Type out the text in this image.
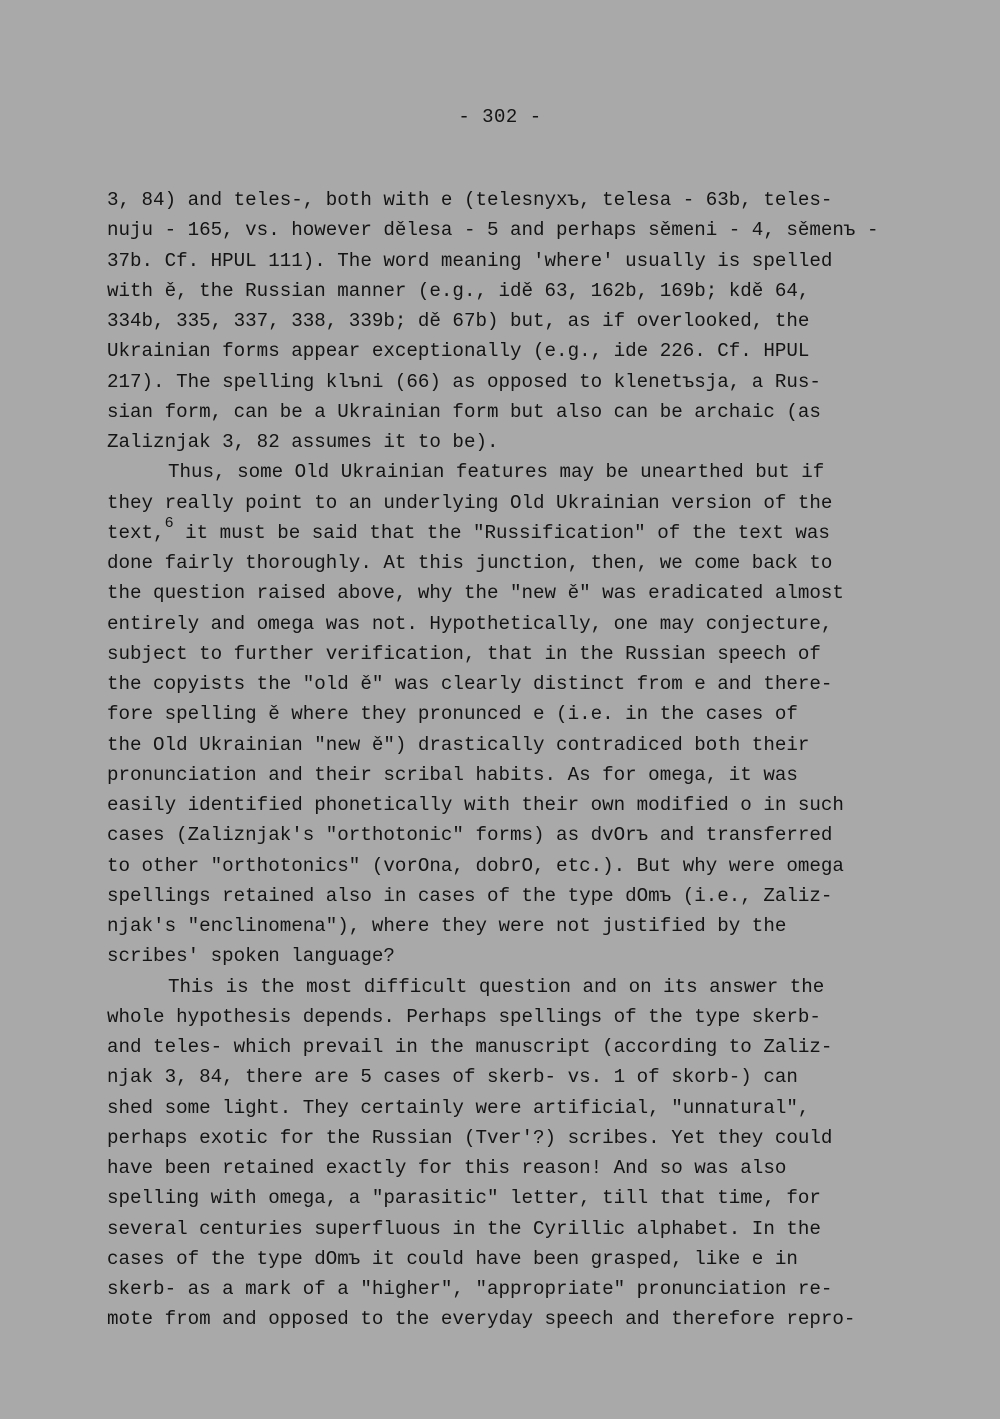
- 302 -
3, 84) and teles-, both with e (telesnyxъ, telesa - 63b, teles-
nuju - 165, vs. however dělesa - 5 and perhaps sěmeni - 4, sěmenъ -
37b. Cf. HPUL 111). The word meaning 'where' usually is spelled
with ě, the Russian manner (e.g., idě 63, 162b, 169b; kdě 64,
334b, 335, 337, 338, 339b; dě 67b) but, as if overlooked, the
Ukrainian forms appear exceptionally (e.g., ide 226. Cf. HPUL
217). The spelling klъni (66) as opposed to klenetъsja, a Rus-
sian form, can be a Ukrainian form but also can be archaic (as
Zaliznjak 3, 82 assumes it to be).
Thus, some Old Ukrainian features may be unearthed but if
they really point to an underlying Old Ukrainian version of the
text,$^6$ it must be said that the "Russification" of the text was
done fairly thoroughly. At this junction, then, we come back to
the question raised above, why the "new ě" was eradicated almost
entirely and omega was not. Hypothetically, one may conjecture,
subject to further verification, that in the Russian speech of
the copyists the "old ě" was clearly distinct from e and there-
fore spelling ě where they pronunced e (i.e. in the cases of
the Old Ukrainian "new ě") drastically contradiced both their
pronunciation and their scribal habits. As for omega, it was
easily identified phonetically with their own modified o in such
cases (Zaliznjak's "orthotonic" forms) as dvOrъ and transferred
to other "orthotonics" (vorOna, dobrO, etc.). But why were omega
spellings retained also in cases of the type dOmъ (i.e., Zaliz-
njak's "enclinomena"), where they were not justified by the
scribes' spoken language?
This is the most difficult question and on its answer the
whole hypothesis depends. Perhaps spellings of the type skerb-
and teles- which prevail in the manuscript (according to Zaliz-
njak 3, 84, there are 5 cases of skerb- vs. 1 of skorb-) can
shed some light. They certainly were artificial, "unnatural",
perhaps exotic for the Russian (Tver'?) scribes. Yet they could
have been retained exactly for this reason! And so was also
spelling with omega, a "parasitic" letter, till that time, for
several centuries superfluous in the Cyrillic alphabet. In the
cases of the type dOmъ it could have been grasped, like e in
skerb- as a mark of a "higher", "appropriate" pronunciation re-
mote from and opposed to the everyday speech and therefore repro-
